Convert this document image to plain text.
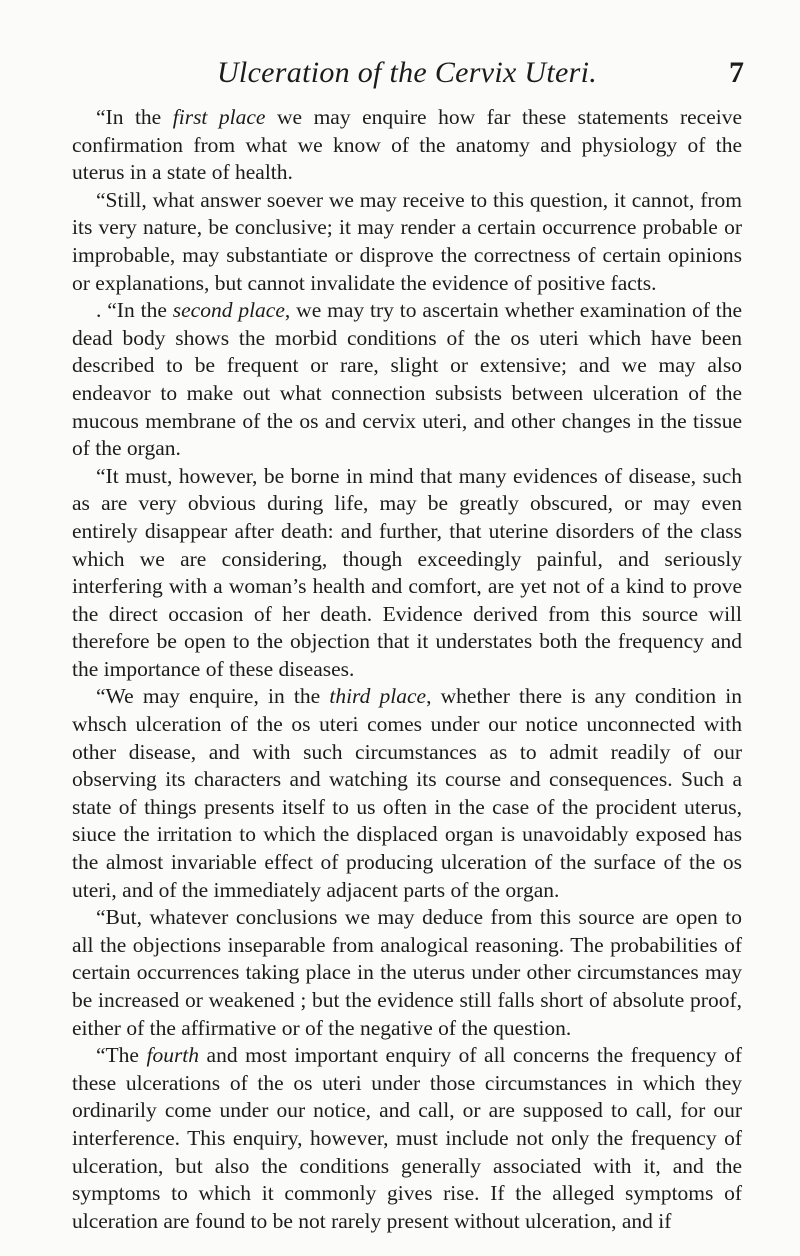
Ulceration of the Cervix Uteri.	7

“In the first place we may enquire how far these statements receive confirmation from what we know of the anatomy and physiology of the uterus in a state of health.

“Still, what answer soever we may receive to this question, it cannot, from its very nature, be conclusive; it may render a certain occurrence probable or improbable, may substantiate or disprove the correctness of certain opinions or explanations, but cannot invalidate the evidence of positive facts.

. “In the second place, we may try to ascertain whether examination of the dead body shows the morbid conditions of the os uteri which have been described to be frequent or rare, slight or extensive; and we may also endeavor to make out what connection subsists between ulceration of the mucous membrane of the os and cervix uteri, and other changes in the tissue of the organ.

“It must, however, be borne in mind that many evidences of disease, such as are very obvious during life, may be greatly obscured, or may even entirely disappear after death: and further, that uterine disorders of the class which we are considering, though exceedingly painful, and seriously interfering with a woman’s health and comfort, are yet not of a kind to prove the direct occasion of her death. Evidence derived from this source will therefore be open to the objection that it understates both the frequency and the importance of these diseases.

“We may enquire, in the third place, whether there is any condition in whsch ulceration of the os uteri comes under our notice unconnected with other disease, and with such circumstances as to admit readily of our observing its characters and watching its course and consequences. Such a state of things presents itself to us often in the case of the procident uterus, siuce the irritation to which the displaced organ is unavoidably exposed has the almost invariable effect of producing ulceration of the surface of the os uteri, and of the immediately adjacent parts of the organ.

“But, whatever conclusions we may deduce from this source are open to all the objections inseparable from analogical reasoning. The probabilities of certain occurrences taking place in the uterus under other circumstances may be increased or weakened ; but the evidence still falls short of absolute proof, either of the affirmative or of the negative of the question.

“The fourth and most important enquiry of all concerns the frequency of these ulcerations of the os uteri under those circumstances in which they ordinarily come under our notice, and call, or are supposed to call, for our interference. This enquiry, however, must include not only the frequency of ulceration, but also the conditions generally associated with it, and the symptoms to which it commonly gives rise. If the alleged symptoms of ulceration are found to be not rarely present without ulceration, and if
